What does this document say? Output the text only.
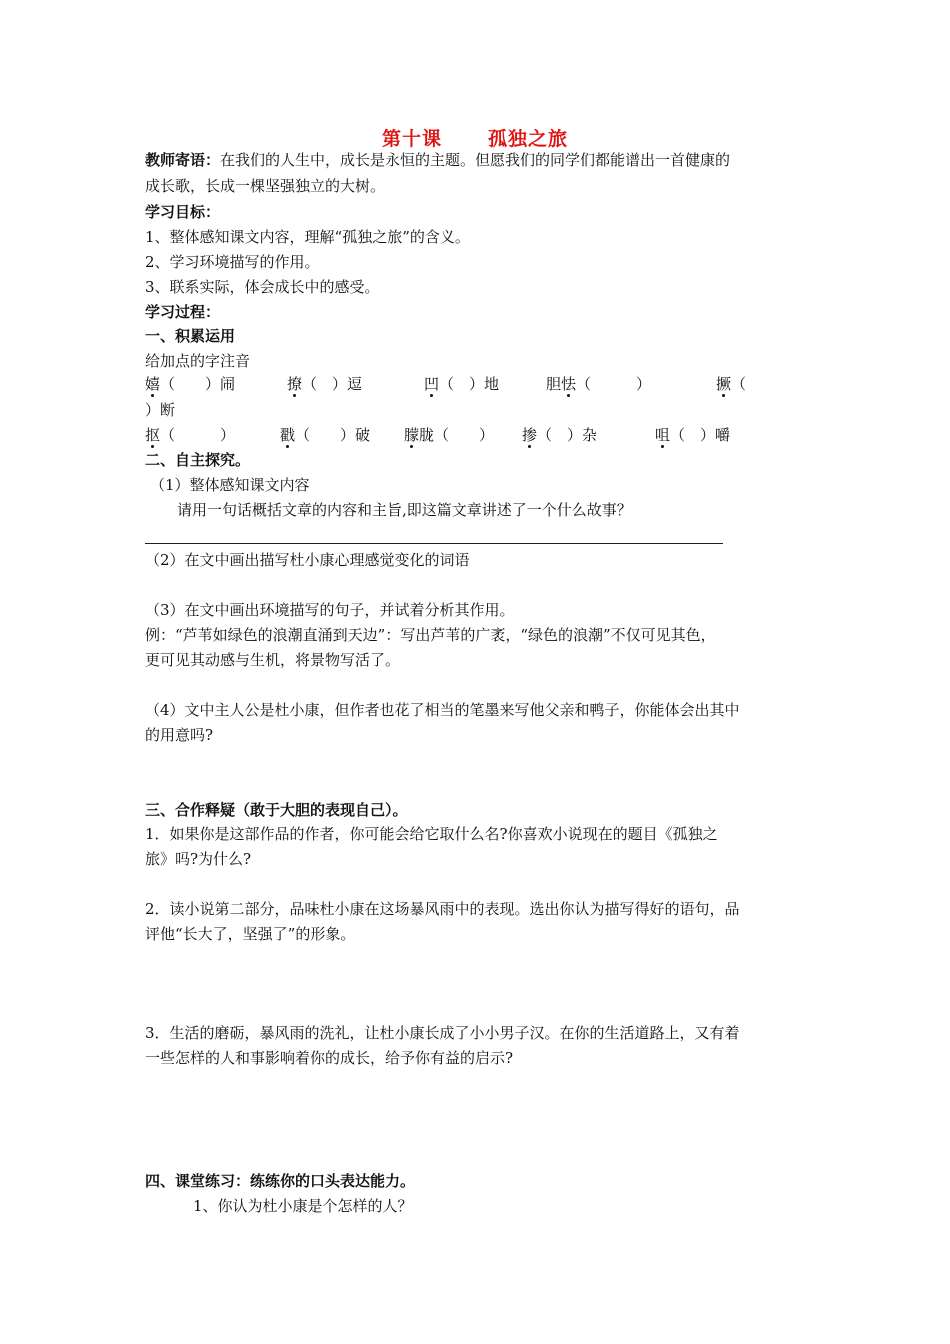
第十课 孤独之旅
教师寄语：在我们的人生中，成长是永恒的主题。但愿我们的同学们都能谱出一首健康的
成长歌，长成一棵坚强独立的大树。
学习目标：
1、整体感知课文内容，理解“孤独之旅”的含义。
2、学习环境描写的作用。
3、联系实际，体会成长中的感受。
学习过程：
一、积累运用
给加点的字注音
嬉（　　）闹	撩（　）逗	凹（　）地	胆怯（　　　）	撅（
）断
抠（　　　）	戳（　　）破 朦胧（　　） 掺（　）杂	咀（　）嚼
二、自主探究。
（1）整体感知课文内容
请用一句话概括文章的内容和主旨,即这篇文章讲述了一个什么故事？
（2）在文中画出描写杜小康心理感觉变化的词语
（3）在文中画出环境描写的句子，并试着分析其作用。
例：“芦苇如绿色的浪潮直涌到天边”：写出芦苇的广袤，“绿色的浪潮”不仅可见其色，
更可见其动感与生机，将景物写活了。
（4）文中主人公是杜小康，但作者也花了相当的笔墨来写他父亲和鸭子，你能体会出其中
的用意吗?
三、合作释疑（敢于大胆的表现自己）。
1．如果你是这部作品的作者，你可能会给它取什么名?你喜欢小说现在的题目《孤独之
旅》吗?为什么?
2．读小说第二部分，品味杜小康在这场暴风雨中的表现。选出你认为描写得好的语句，品
评他“长大了，坚强了”的形象。
3．生活的磨砺，暴风雨的洗礼，让杜小康长成了小小男子汉。在你的生活道路上，又有着
一些怎样的人和事影响着你的成长，给予你有益的启示?
四、课堂练习：练练你的口头表达能力。
1、你认为杜小康是个怎样的人？
